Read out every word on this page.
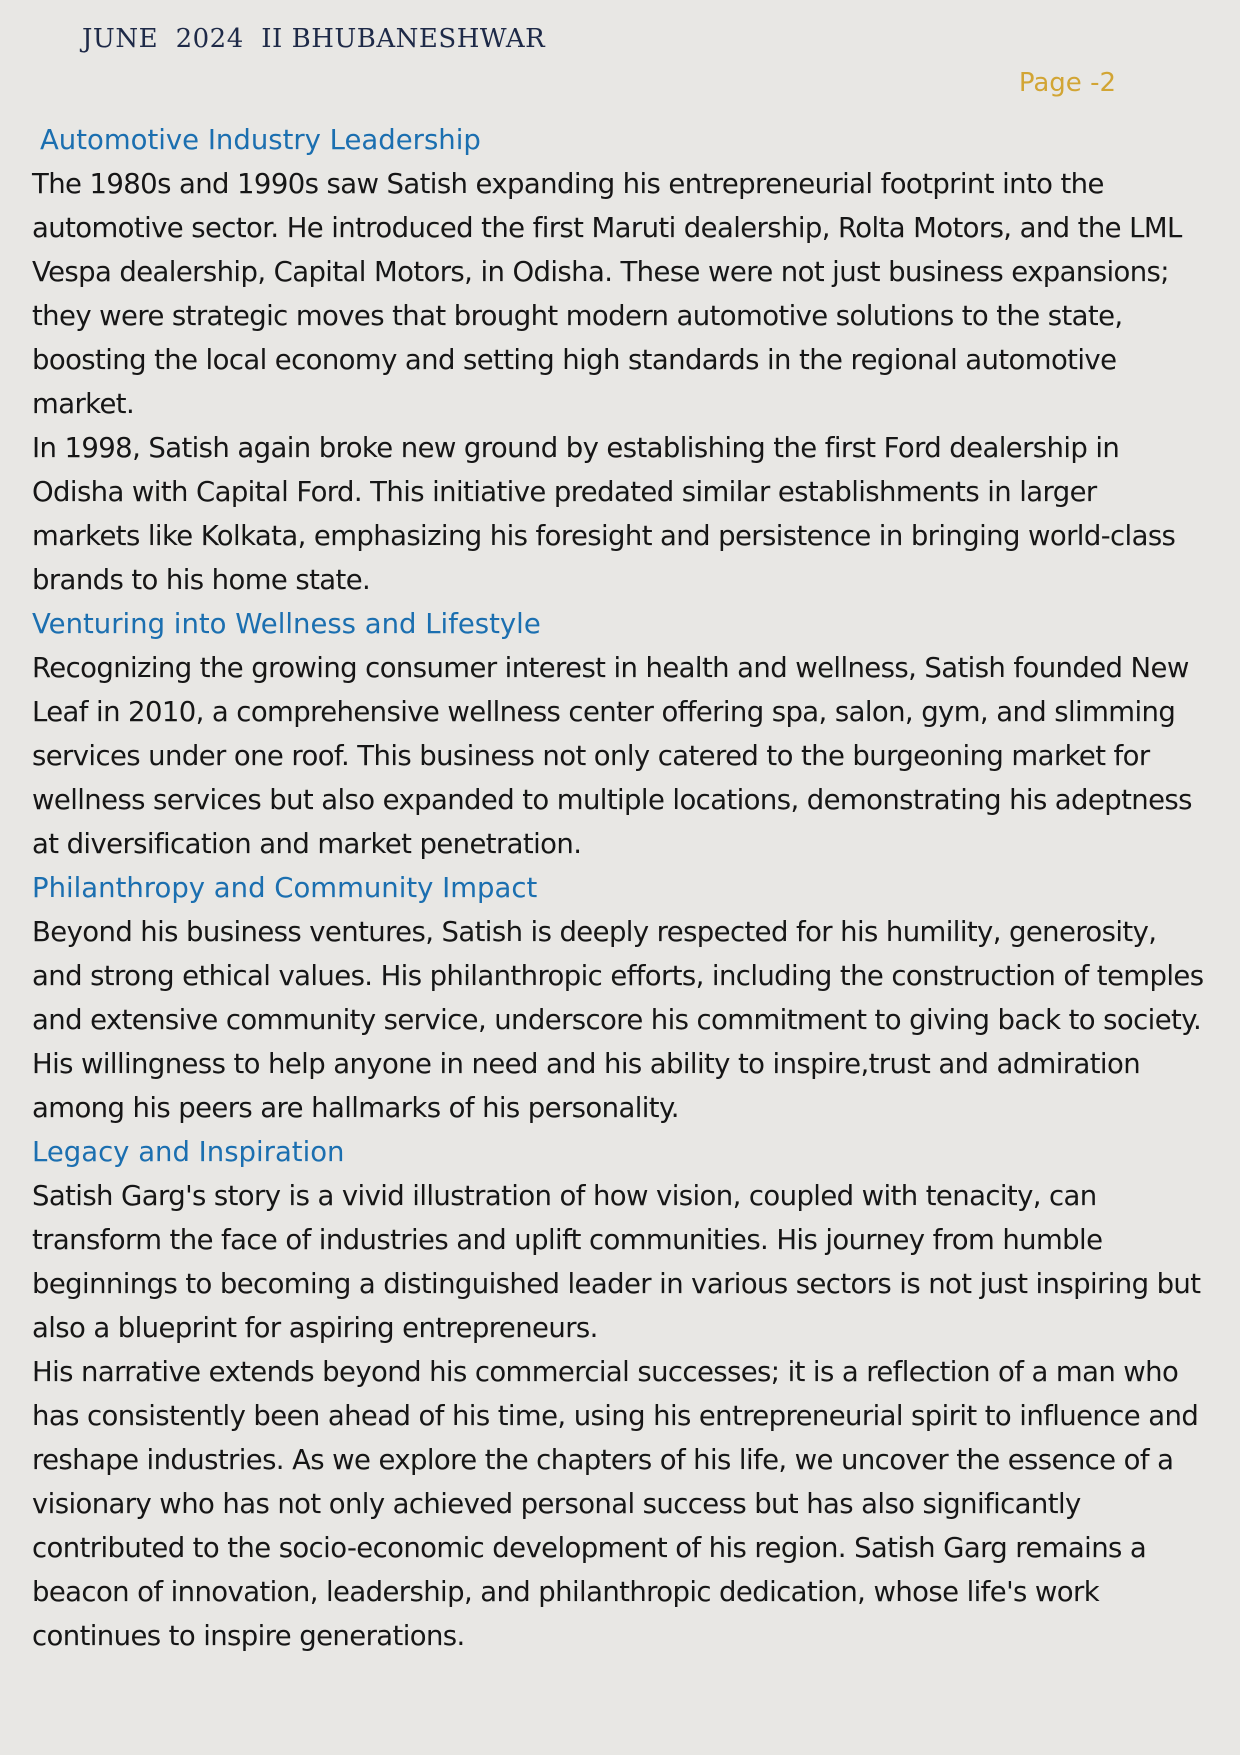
JUNE  2024  II BHUBANESHWAR
Page -2
Automotive Industry Leadership

The 1980s and 1990s saw Satish expanding his entrepreneurial footprint into the automotive sector. He introduced the first Maruti dealership, Rolta Motors, and the LML Vespa dealership, Capital Motors, in Odisha. These were not just business expansions; they were strategic moves that brought modern automotive solutions to the state, boosting the local economy and setting high standards in the regional automotive market.

In 1998, Satish again broke new ground by establishing the first Ford dealership in Odisha with Capital Ford. This initiative predated similar establishments in larger markets like Kolkata, emphasizing his foresight and persistence in bringing world-class brands to his home state.

Venturing into Wellness and Lifestyle

Recognizing the growing consumer interest in health and wellness, Satish founded New Leaf in 2010, a comprehensive wellness center offering spa, salon, gym, and slimming services under one roof. This business not only catered to the burgeoning market for wellness services but also expanded to multiple locations, demonstrating his adeptness at diversification and market penetration.

Philanthropy and Community Impact

Beyond his business ventures, Satish is deeply respected for his humility, generosity, and strong ethical values. His philanthropic efforts, including the construction of temples and extensive community service, underscore his commitment to giving back to society. His willingness to help anyone in need and his ability to inspire,trust and admiration among his peers are hallmarks of his personality.

Legacy and Inspiration

Satish Garg's story is a vivid illustration of how vision, coupled with tenacity, can transform the face of industries and uplift communities. His journey from humble beginnings to becoming a distinguished leader in various sectors is not just inspiring but also a blueprint for aspiring entrepreneurs.

His narrative extends beyond his commercial successes; it is a reflection of a man who has consistently been ahead of his time, using his entrepreneurial spirit to influence and reshape industries. As we explore the chapters of his life, we uncover the essence of a visionary who has not only achieved personal success but has also significantly contributed to the socio-economic development of his region. Satish Garg remains a beacon of innovation, leadership, and philanthropic dedication, whose life's work continues to inspire generations.
